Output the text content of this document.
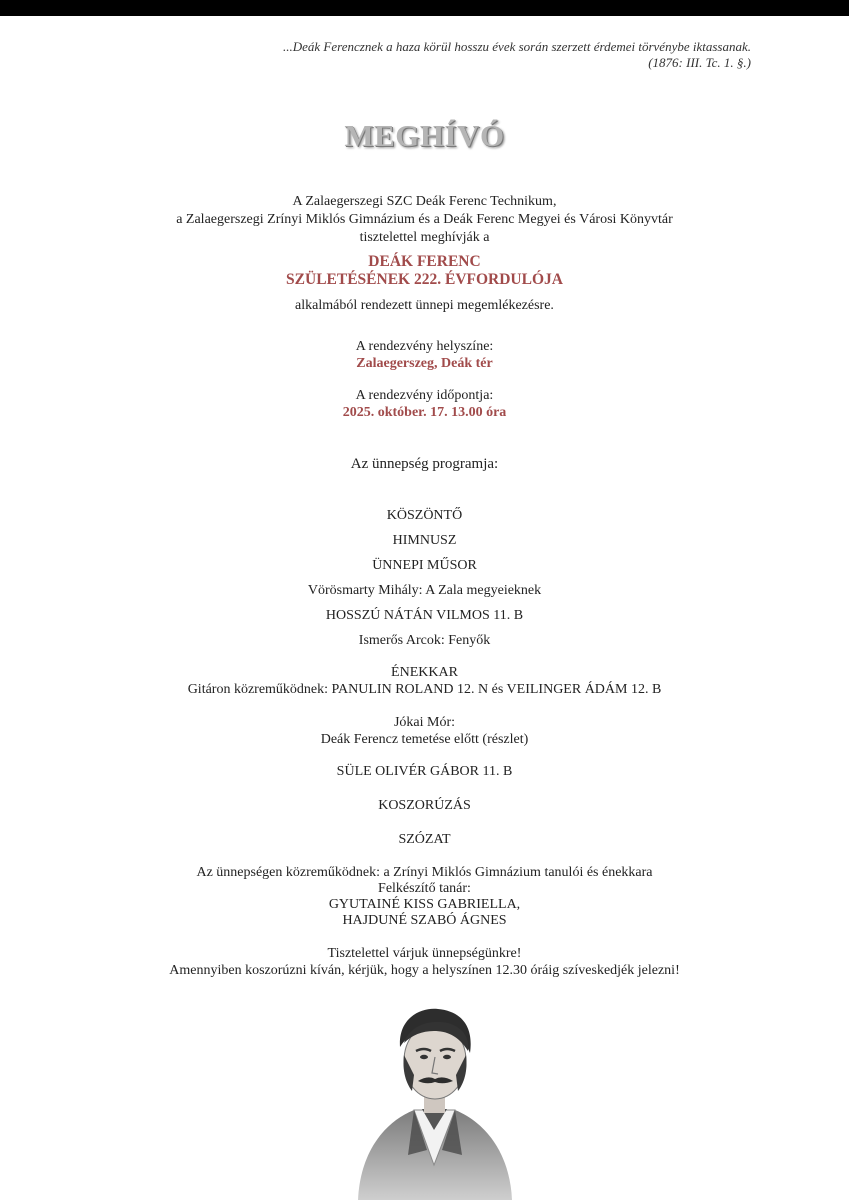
...Deák Ferencznek a haza körül hosszu évek során szerzett érdemei törvénybe iktassanak.
(1876: III. Tc. 1. §.)
MEGHÍVÓ
A Zalaegerszegi SZC Deák Ferenc Technikum,
a Zalaegerszegi Zrínyi Miklós Gimnázium és a Deák Ferenc Megyei és Városi Könyvtár
tisztelettel meghívják a
DEÁK FERENC
SZÜLETÉSÉNEK 222. ÉVFORDULÓJA
alkalmából rendezett ünnepi megemlékezésre.
A rendezvény helyszíne:
Zalaegerszeg, Deák tér
A rendezvény időpontja:
2025. október. 17. 13.00 óra
Az ünnepség programja:
KÖSZÖNTŐ
HIMNUSZ
ÜNNEPI MŰSOR
Vörösmarty Mihály: A Zala megyeieknek
HOSSZÚ NÁTÁN VILMOS 11. B
Ismerős Arcok: Fenyők
ÉNEKKAR
Gitáron közreműködnek: PANULIN ROLAND 12. N és VEILINGER ÁDÁM 12. B
Jókai Mór:
Deák Ferencz temetése előtt (részlet)
SÜLE OLIVÉR GÁBOR 11. B
KOSZORÚZÁS
SZÓZAT
Az ünnepségen közreműködnek: a Zrínyi Miklós Gimnázium tanulói és énekkara
Felkészítő tanár:
GYUTAINÉ KISS GABRIELLA,
HAJDUNÉ SZABÓ ÁGNES
Tisztelettel várjuk ünnepségünkre!
Amennyiben koszorúzni kíván, kérjük, hogy a helyszínen 12.30 óráig szíveskedjék jelezni!
